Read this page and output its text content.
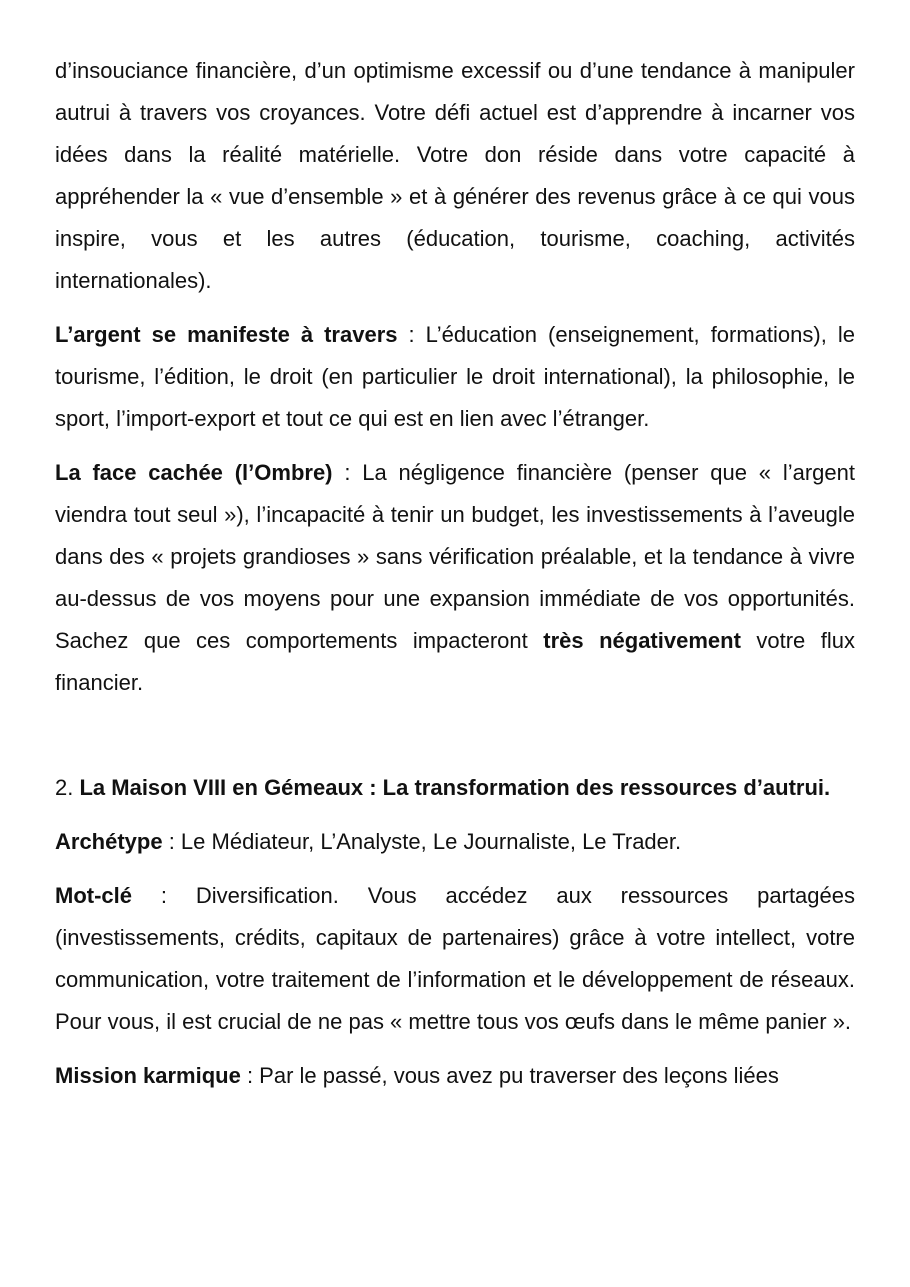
d’insouciance financière, d’un optimisme excessif ou d’une tendance à manipuler autrui à travers vos croyances. Votre défi actuel est d’apprendre à incarner vos idées dans la réalité matérielle. Votre don réside dans votre capacité à appréhender la « vue d’ensemble » et à générer des revenus grâce à ce qui vous inspire, vous et les autres (éducation, tourisme, coaching, activités internationales).

L’argent se manifeste à travers : L’éducation (enseignement, formations), le tourisme, l’édition, le droit (en particulier le droit international), la philosophie, le sport, l’import-export et tout ce qui est en lien avec l’étranger.

La face cachée (l’Ombre) : La négligence financière (penser que « l’argent viendra tout seul »), l’incapacité à tenir un budget, les investissements à l’aveugle dans des « projets grandioses » sans vérification préalable, et la tendance à vivre au-dessus de vos moyens pour une expansion immédiate de vos opportunités. Sachez que ces comportements impacteront très négativement votre flux financier.

2. La Maison VIII en Gémeaux : La transformation des ressources d’autrui.

Archétype : Le Médiateur, L’Analyste, Le Journaliste, Le Trader.

Mot-clé : Diversification. Vous accédez aux ressources partagées (investissements, crédits, capitaux de partenaires) grâce à votre intellect, votre communication, votre traitement de l’information et le développement de réseaux. Pour vous, il est crucial de ne pas « mettre tous vos œufs dans le même panier ».

Mission karmique : Par le passé, vous avez pu traverser des leçons liées
